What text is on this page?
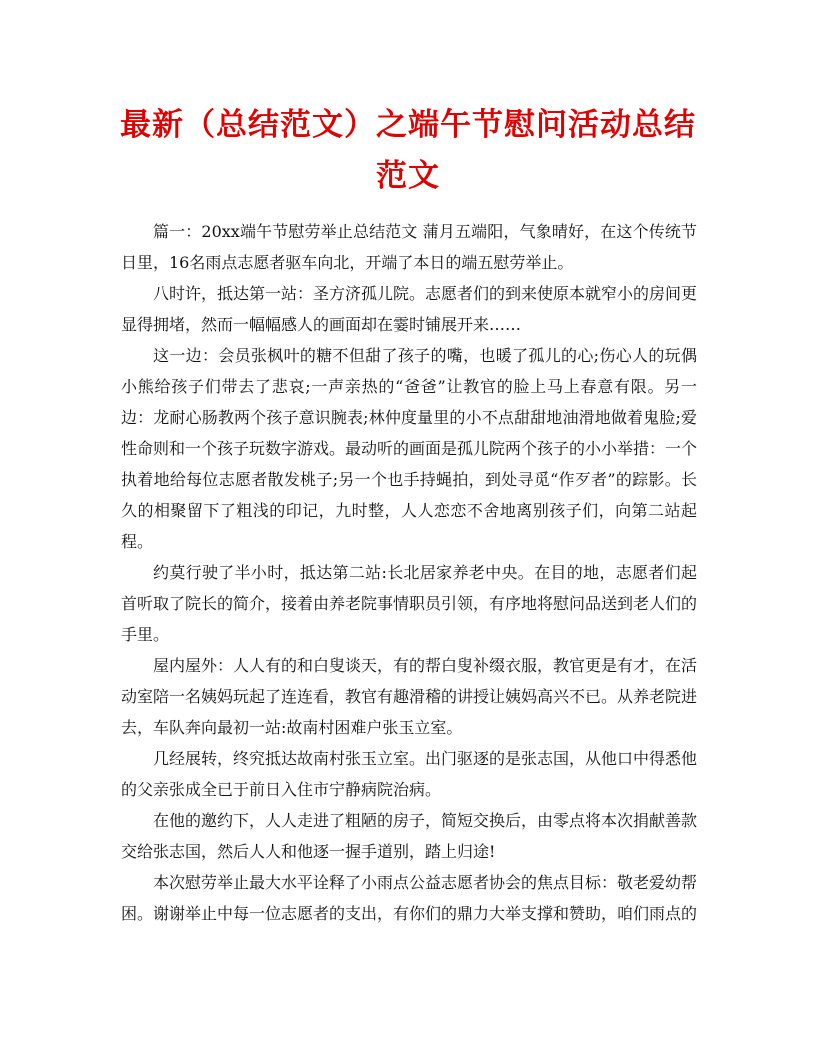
最新（总结范文）之端午节慰问活动总结范文

篇一：20xx端午节慰劳举止总结范文 蒲月五端阳，气象晴好，在这个传统节日里，16名雨点志愿者驱车向北，开端了本日的端五慰劳举止。

八时许，抵达第一站：圣方济孤儿院。志愿者们的到来使原本就窄小的房间更显得拥堵，然而一幅幅感人的画面却在霎时铺展开来……

这一边：会员张枫叶的糖不但甜了孩子的嘴，也暖了孤儿的心;伤心人的玩偶小熊给孩子们带去了悲哀;一声亲热的“爸爸”让教官的脸上马上春意有限。另一边：龙耐心肠教两个孩子意识腕表;林仲度量里的小不点甜甜地油滑地做着鬼脸;爱性命则和一个孩子玩数字游戏。最动听的画面是孤儿院两个孩子的小小举措：一个执着地给每位志愿者散发桃子;另一个也手持蝇拍，到处寻觅“作歹者”的踪影。长久的相聚留下了粗浅的印记，九时整，人人恋恋不舍地离别孩子们，向第二站起程。

约莫行驶了半小时，抵达第二站:长北居家养老中央。在目的地，志愿者们起首听取了院长的简介，接着由养老院事情职员引领，有序地将慰问品送到老人们的手里。

屋内屋外：人人有的和白叟谈天，有的帮白叟补缀衣服，教官更是有才，在活动室陪一名姨妈玩起了连连看，教官有趣滑稽的讲授让姨妈高兴不已。从养老院进去，车队奔向最初一站:故南村困难户张玉立室。

几经展转，终究抵达故南村张玉立室。出门驱逐的是张志国，从他口中得悉他的父亲张成全已于前日入住市宁静病院治病。

在他的邀约下，人人走进了粗陋的房子，简短交换后，由零点将本次捐献善款交给张志国，然后人人和他逐一握手道别，踏上归途!

本次慰劳举止最大水平诠释了小雨点公益志愿者协会的焦点目标：敬老爱幼帮困。谢谢举止中每一位志愿者的支出，有你们的鼎力大举支撑和赞助，咱们雨点的
